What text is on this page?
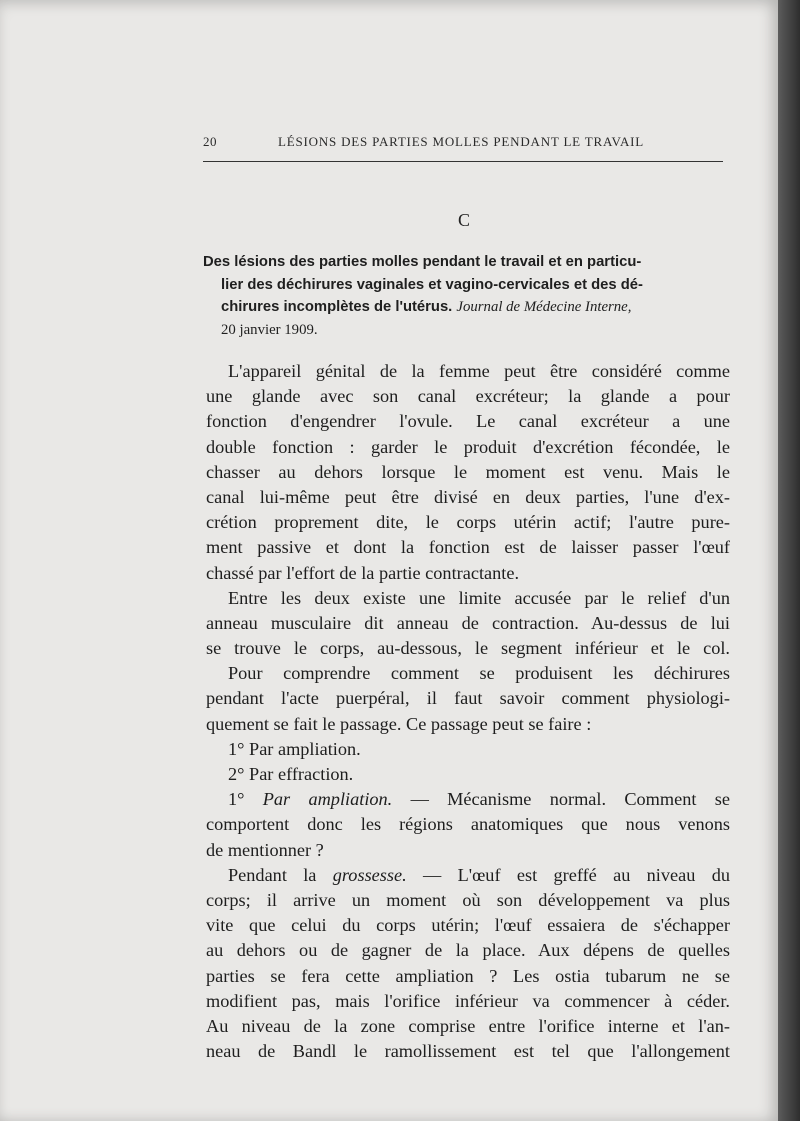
20	LÉSIONS DES PARTIES MOLLES PENDANT LE TRAVAIL
C
Des lésions des parties molles pendant le travail et en particu-
lier des déchirures vaginales et vagino-cervicales et des dé-
chirures incomplètes de l'utérus. Journal de Médecine Interne,
20 janvier 1909.
L'appareil génital de la femme peut être considéré comme
une glande avec son canal excréteur; la glande a pour
fonction d'engendrer l'ovule. Le canal excréteur a une
double fonction : garder le produit d'excrétion fécondée, le
chasser au dehors lorsque le moment est venu. Mais le
canal lui-même peut être divisé en deux parties, l'une d'ex-
crétion proprement dite, le corps utérin actif; l'autre pure-
ment passive et dont la fonction est de laisser passer l'œuf
chassé par l'effort de la partie contractante.
Entre les deux existe une limite accusée par le relief d'un
anneau musculaire dit anneau de contraction. Au-dessus de lui
se trouve le corps, au-dessous, le segment inférieur et le col.
Pour comprendre comment se produisent les déchirures
pendant l'acte puerpéral, il faut savoir comment physiologi-
quement se fait le passage. Ce passage peut se faire :
1° Par ampliation.
2° Par effraction.
1° Par ampliation. — Mécanisme normal. Comment se
comportent donc les régions anatomiques que nous venons
de mentionner ?
Pendant la grossesse. — L'œuf est greffé au niveau du
corps; il arrive un moment où son développement va plus
vite que celui du corps utérin; l'œuf essaiera de s'échapper
au dehors ou de gagner de la place. Aux dépens de quelles
parties se fera cette ampliation ? Les ostia tubarum ne se
modifient pas, mais l'orifice inférieur va commencer à céder.
Au niveau de la zone comprise entre l'orifice interne et l'an-
neau de Bandl le ramollissement est tel que l'allongement
